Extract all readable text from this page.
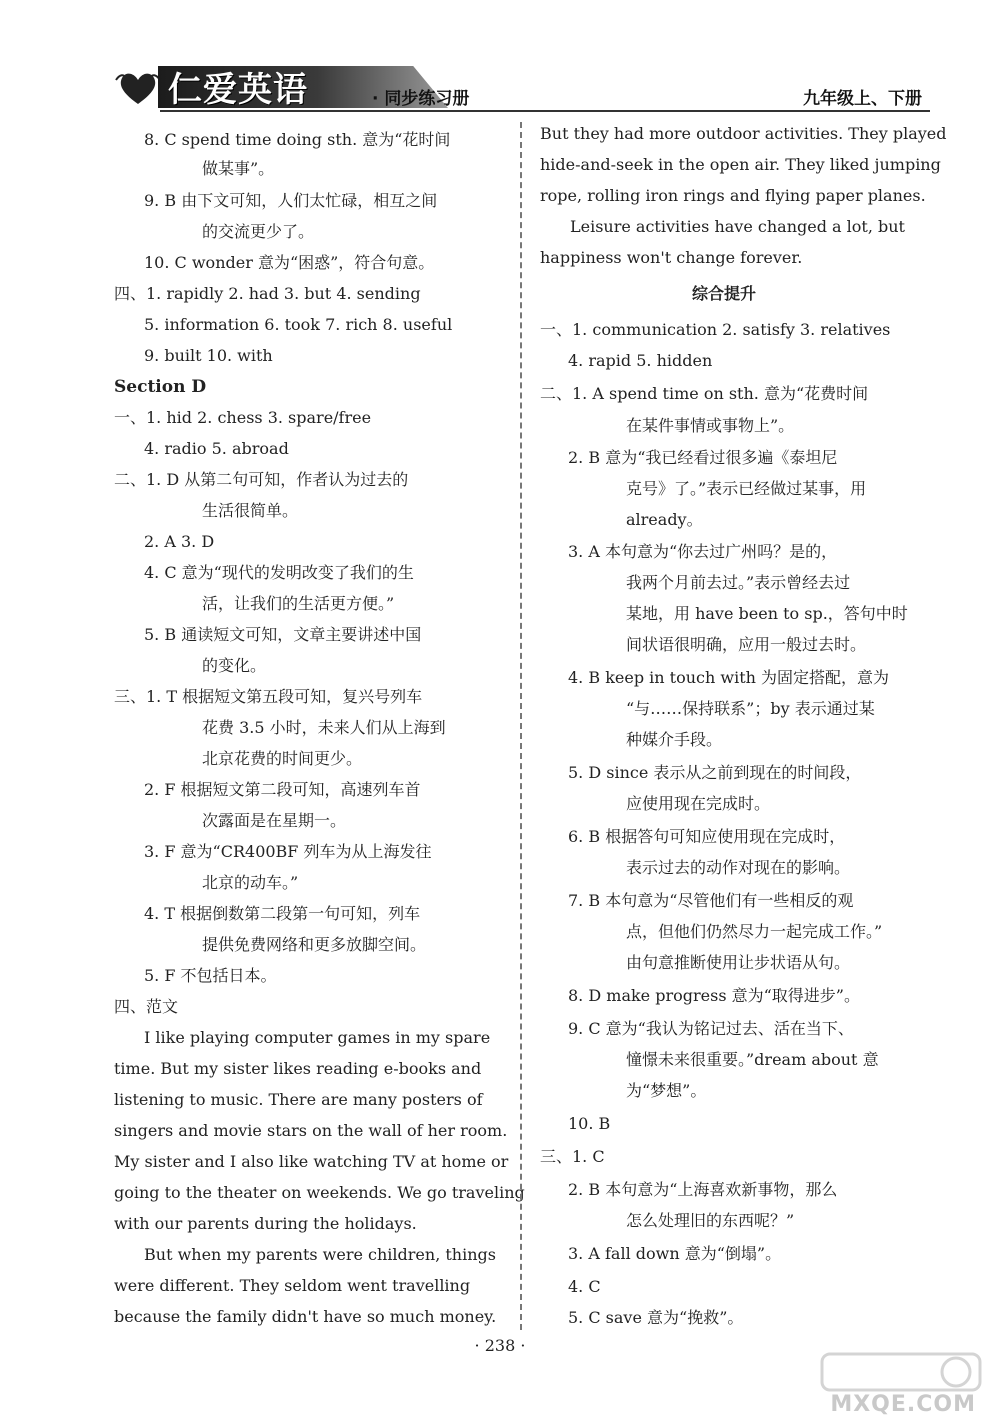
仁爱英语	· 同步练习册	九年级上、下册
8. C spend time doing sth. 意为“花时间
做某事”。
9. B 由下文可知，人们太忙碌，相互之间
的交流更少了。
10. C wonder 意为“困惑”，符合句意。
四、1. rapidly 2. had 3. but 4. sending
5. information 6. took 7. rich 8. useful
9. built 10. with
Section D
一、1. hid 2. chess 3. spare/free
4. radio 5. abroad
二、1. D 从第二句可知，作者认为过去的
生活很简单。
2. A 3. D
4. C 意为“现代的发明改变了我们的生
活，让我们的生活更方便。”
5. B 通读短文可知，文章主要讲述中国
的变化。
三、1. T 根据短文第五段可知，复兴号列车
花费 3.5 小时，未来人们从上海到
北京花费的时间更少。
2. F 根据短文第二段可知，高速列车首
次露面是在星期一。
3. F 意为“CR400BF 列车为从上海发往
北京的动车。”
4. T 根据倒数第二段第一句可知，列车
提供免费网络和更多放脚空间。
5. F 不包括日本。
四、范文
I like playing computer games in my spare
time. But my sister likes reading e-books and
listening to music. There are many posters of
singers and movie stars on the wall of her room.
My sister and I also like watching TV at home or
going to the theater on weekends. We go traveling
with our parents during the holidays.
But when my parents were children, things
were different. They seldom went travelling
because the family didn't have so much money.
But they had more outdoor activities. They played
hide-and-seek in the open air. They liked jumping
rope, rolling iron rings and flying paper planes.
Leisure activities have changed a lot, but
happiness won't change forever.
综合提升
一、1. communication 2. satisfy 3. relatives
4. rapid 5. hidden
二、1. A spend time on sth. 意为“花费时间
在某件事情或事物上”。
2. B 意为“我已经看过很多遍《泰坦尼
克号》了。”表示已经做过某事，用
already。
3. A 本句意为“你去过广州吗？是的，
我两个月前去过。”表示曾经去过
某地，用 have been to sp.，答句中时
间状语很明确，应用一般过去时。
4. B keep in touch with 为固定搭配，意为
“与……保持联系”；by 表示通过某
种媒介手段。
5. D since 表示从之前到现在的时间段，
应使用现在完成时。
6. B 根据答句可知应使用现在完成时，
表示过去的动作对现在的影响。
7. B 本句意为“尽管他们有一些相反的观
点，但他们仍然尽力一起完成工作。”
由句意推断使用让步状语从句。
8. D make progress 意为“取得进步”。
9. C 意为“我认为铭记过去、活在当下、
憧憬未来很重要。”dream about 意
为“梦想”。
10. B
三、1. C
2. B 本句意为“上海喜欢新事物，那么
怎么处理旧的东西呢？”
3. A fall down 意为“倒塌”。
4. C
5. C save 意为“挽救”。
· 238 ·
MXQE.COM
